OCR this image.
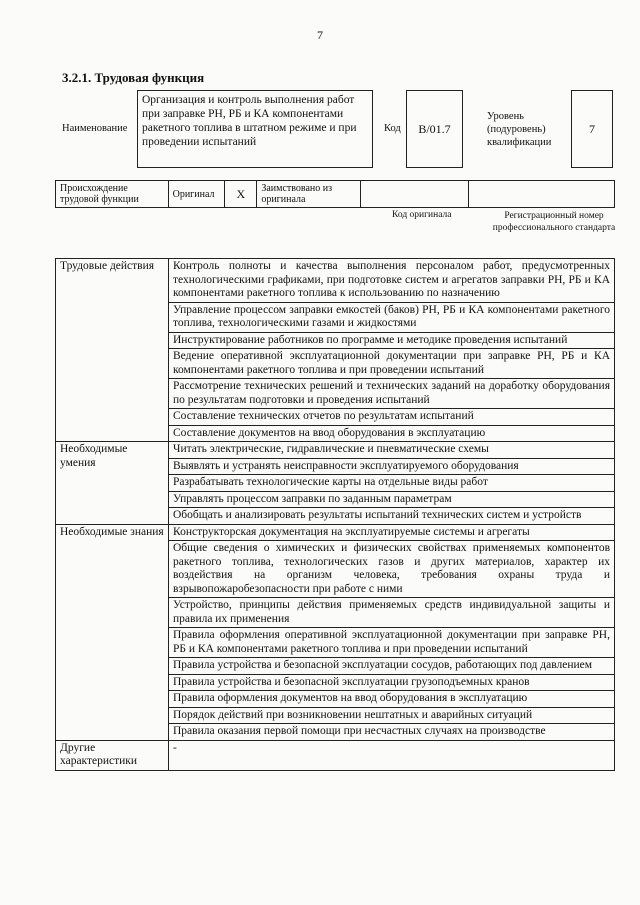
7
3.2.1. Трудовая функция
Наименование
Организация и контроль выполнения работ при заправке РН, РБ и КА компонентами ракетного топлива в штатном режиме и при проведении испытаний
Код	B/01.7
Уровень (подуровень) квалификации
7
Происхождение трудовой функции	Оригинал	X	Заимствовано из оригинала
Код оригинала	Регистрационный номер профессионального стандарта
Трудовые действия	Контроль полноты и качества выполнения персоналом работ, предусмотренных технологическими графиками, при подготовке систем и агрегатов заправки РН, РБ и КА компонентами ракетного топлива к использованию по назначению
	Управление процессом заправки емкостей (баков) РН, РБ и КА компонентами ракетного топлива, технологическими газами и жидкостями
	Инструктирование работников по программе и методике проведения испытаний
	Ведение оперативной эксплуатационной документации при заправке РН, РБ и КА компонентами ракетного топлива и при проведении испытаний
	Рассмотрение технических решений и технических заданий на доработку оборудования по результатам подготовки и проведения испытаний
	Составление технических отчетов по результатам испытаний
	Составление документов на ввод оборудования в эксплуатацию
Необходимые умения	Читать электрические, гидравлические и пневматические схемы
	Выявлять и устранять неисправности эксплуатируемого оборудования
	Разрабатывать технологические карты на отдельные виды работ
	Управлять процессом заправки по заданным параметрам
	Обобщать и анализировать результаты испытаний технических систем и устройств
Необходимые знания	Конструкторская документация на эксплуатируемые системы и агрегаты
	Общие сведения о химических и физических свойствах применяемых компонентов ракетного топлива, технологических газов и других материалов, характер их воздействия на организм человека, требования охраны труда и взрывопожаробезопасности при работе с ними
	Устройство, принципы действия применяемых средств индивидуальной защиты и правила их применения
	Правила оформления оперативной эксплуатационной документации при заправке РН, РБ и КА компонентами ракетного топлива и при проведении испытаний
	Правила устройства и безопасной эксплуатации сосудов, работающих под давлением
	Правила устройства и безопасной эксплуатации грузоподъемных кранов
	Правила оформления документов на ввод оборудования в эксплуатацию
	Порядок действий при возникновении нештатных и аварийных ситуаций
	Правила оказания первой помощи при несчастных случаях на производстве
Другие характеристики	-
